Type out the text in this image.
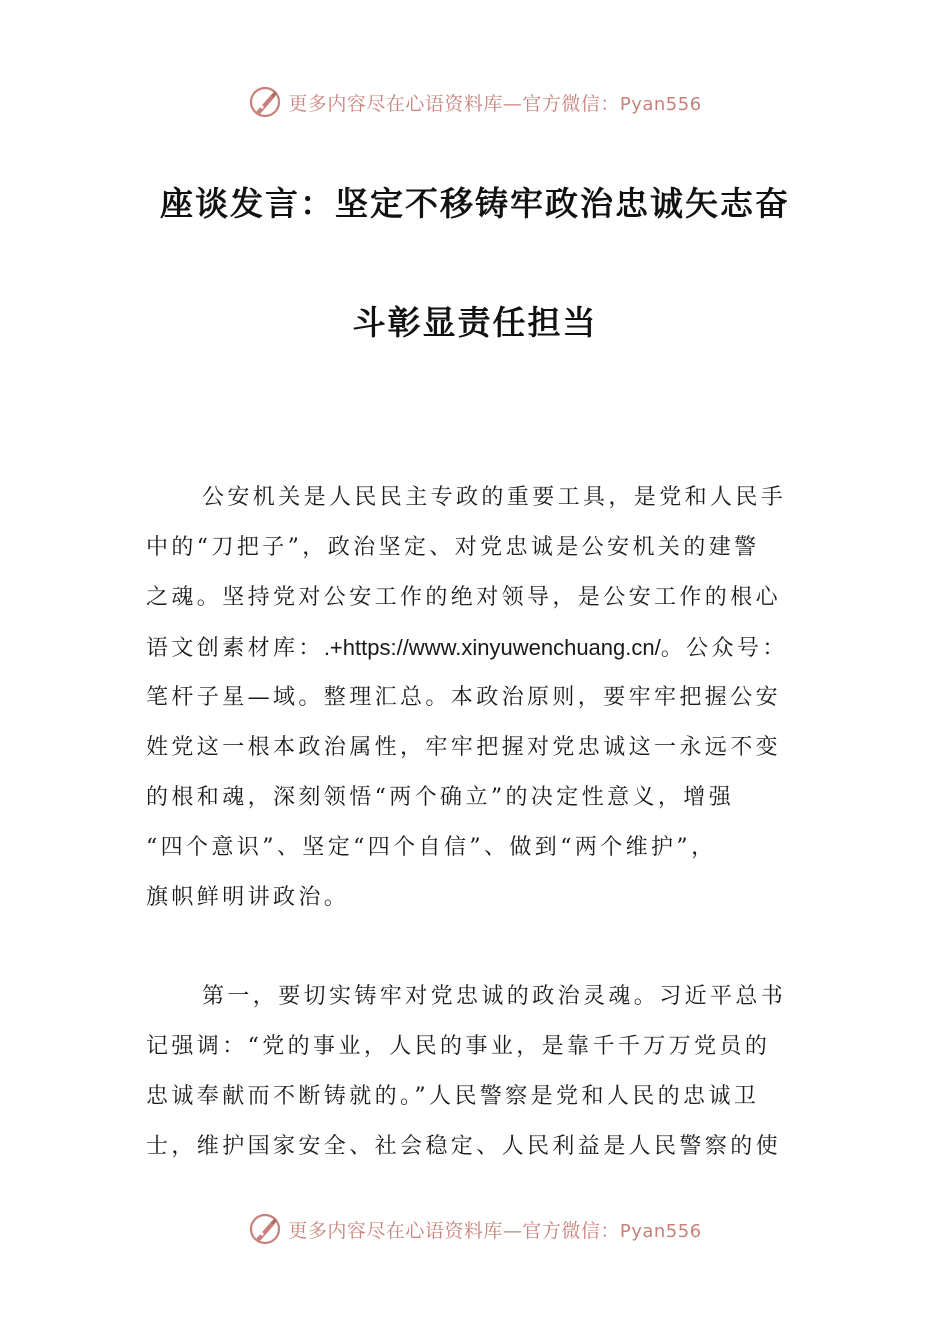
更多内容尽在心语资料库—官方微信：Pyan556
座谈发言：坚定不移铸牢政治忠诚矢志奋
斗彰显责任担当
公安机关是人民民主专政的重要工具，是党和人民手
中的“刀把子”，政治坚定、对党忠诚是公安机关的建警
之魂。坚持党对公安工作的绝对领导，是公安工作的根心
语文创素材库：.+https://www.xinyuwenchuang.cn/。公众号：
笔杆子星—域。整理汇总。本政治原则，要牢牢把握公安
姓党这一根本政治属性，牢牢把握对党忠诚这一永远不变
的根和魂，深刻领悟“两个确立”的决定性意义，增强
“四个意识”、坚定“四个自信”、做到“两个维护”，
旗帜鲜明讲政治。
第一，要切实铸牢对党忠诚的政治灵魂。习近平总书
记强调：“党的事业，人民的事业，是靠千千万万党员的
忠诚奉献而不断铸就的。”人民警察是党和人民的忠诚卫
士，维护国家安全、社会稳定、人民利益是人民警察的使
更多内容尽在心语资料库—官方微信：Pyan556
